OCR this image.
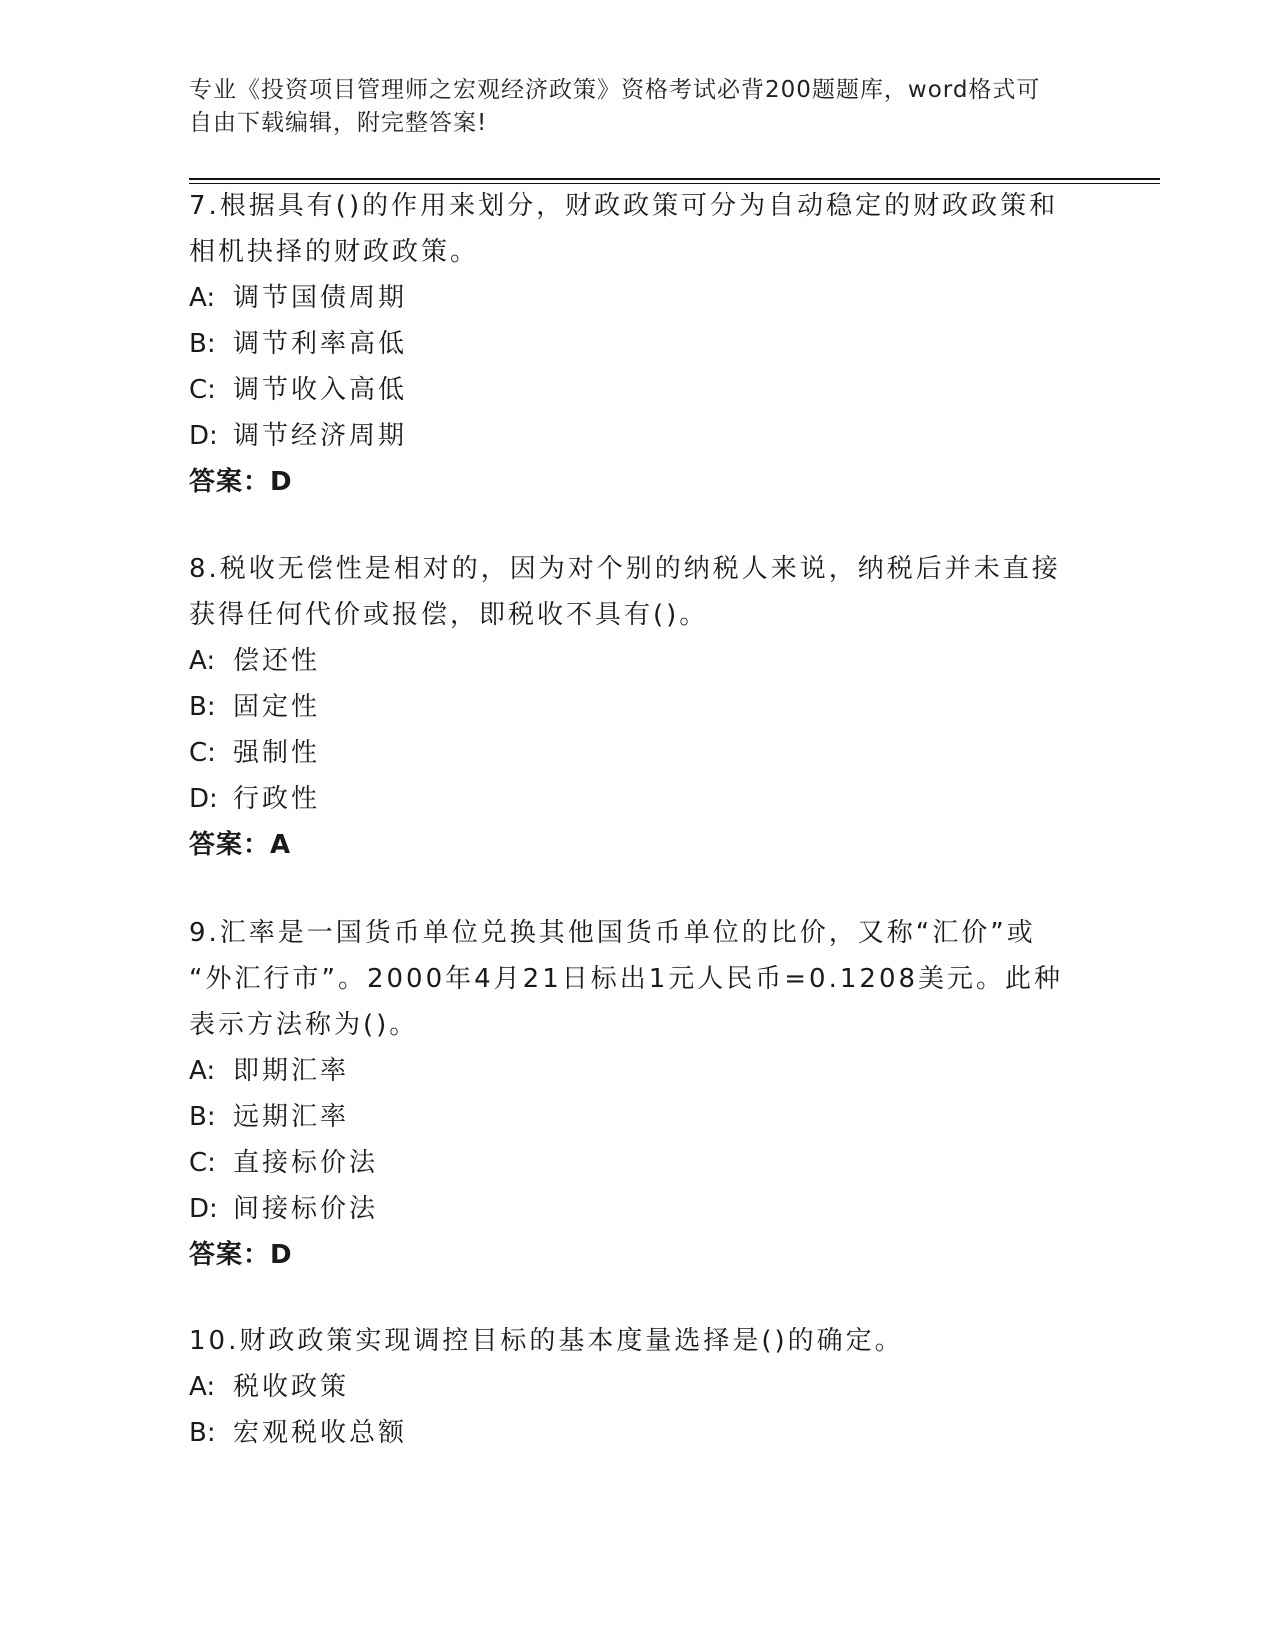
专业《投资项目管理师之宏观经济政策》资格考试必背200题题库，word格式可
自由下载编辑，附完整答案!

7.根据具有()的作用来划分，财政政策可分为自动稳定的财政政策和

相机抉择的财政政策。

A: 调节国债周期

B: 调节利率高低

C: 调节收入高低

D: 调节经济周期

答案：D

8.税收无偿性是相对的，因为对个别的纳税人来说，纳税后并未直接

获得任何代价或报偿，即税收不具有()。

A: 偿还性

B: 固定性

C: 强制性

D: 行政性

答案：A

9.汇率是一国货币单位兑换其他国货币单位的比价，又称“汇价”或

“外汇行市”。2000年4月21日标出1元人民币=0.1208美元。此种

表示方法称为()。

A: 即期汇率

B: 远期汇率

C: 直接标价法

D: 间接标价法

答案：D

10.财政政策实现调控目标的基本度量选择是()的确定。

A: 税收政策

B: 宏观税收总额
